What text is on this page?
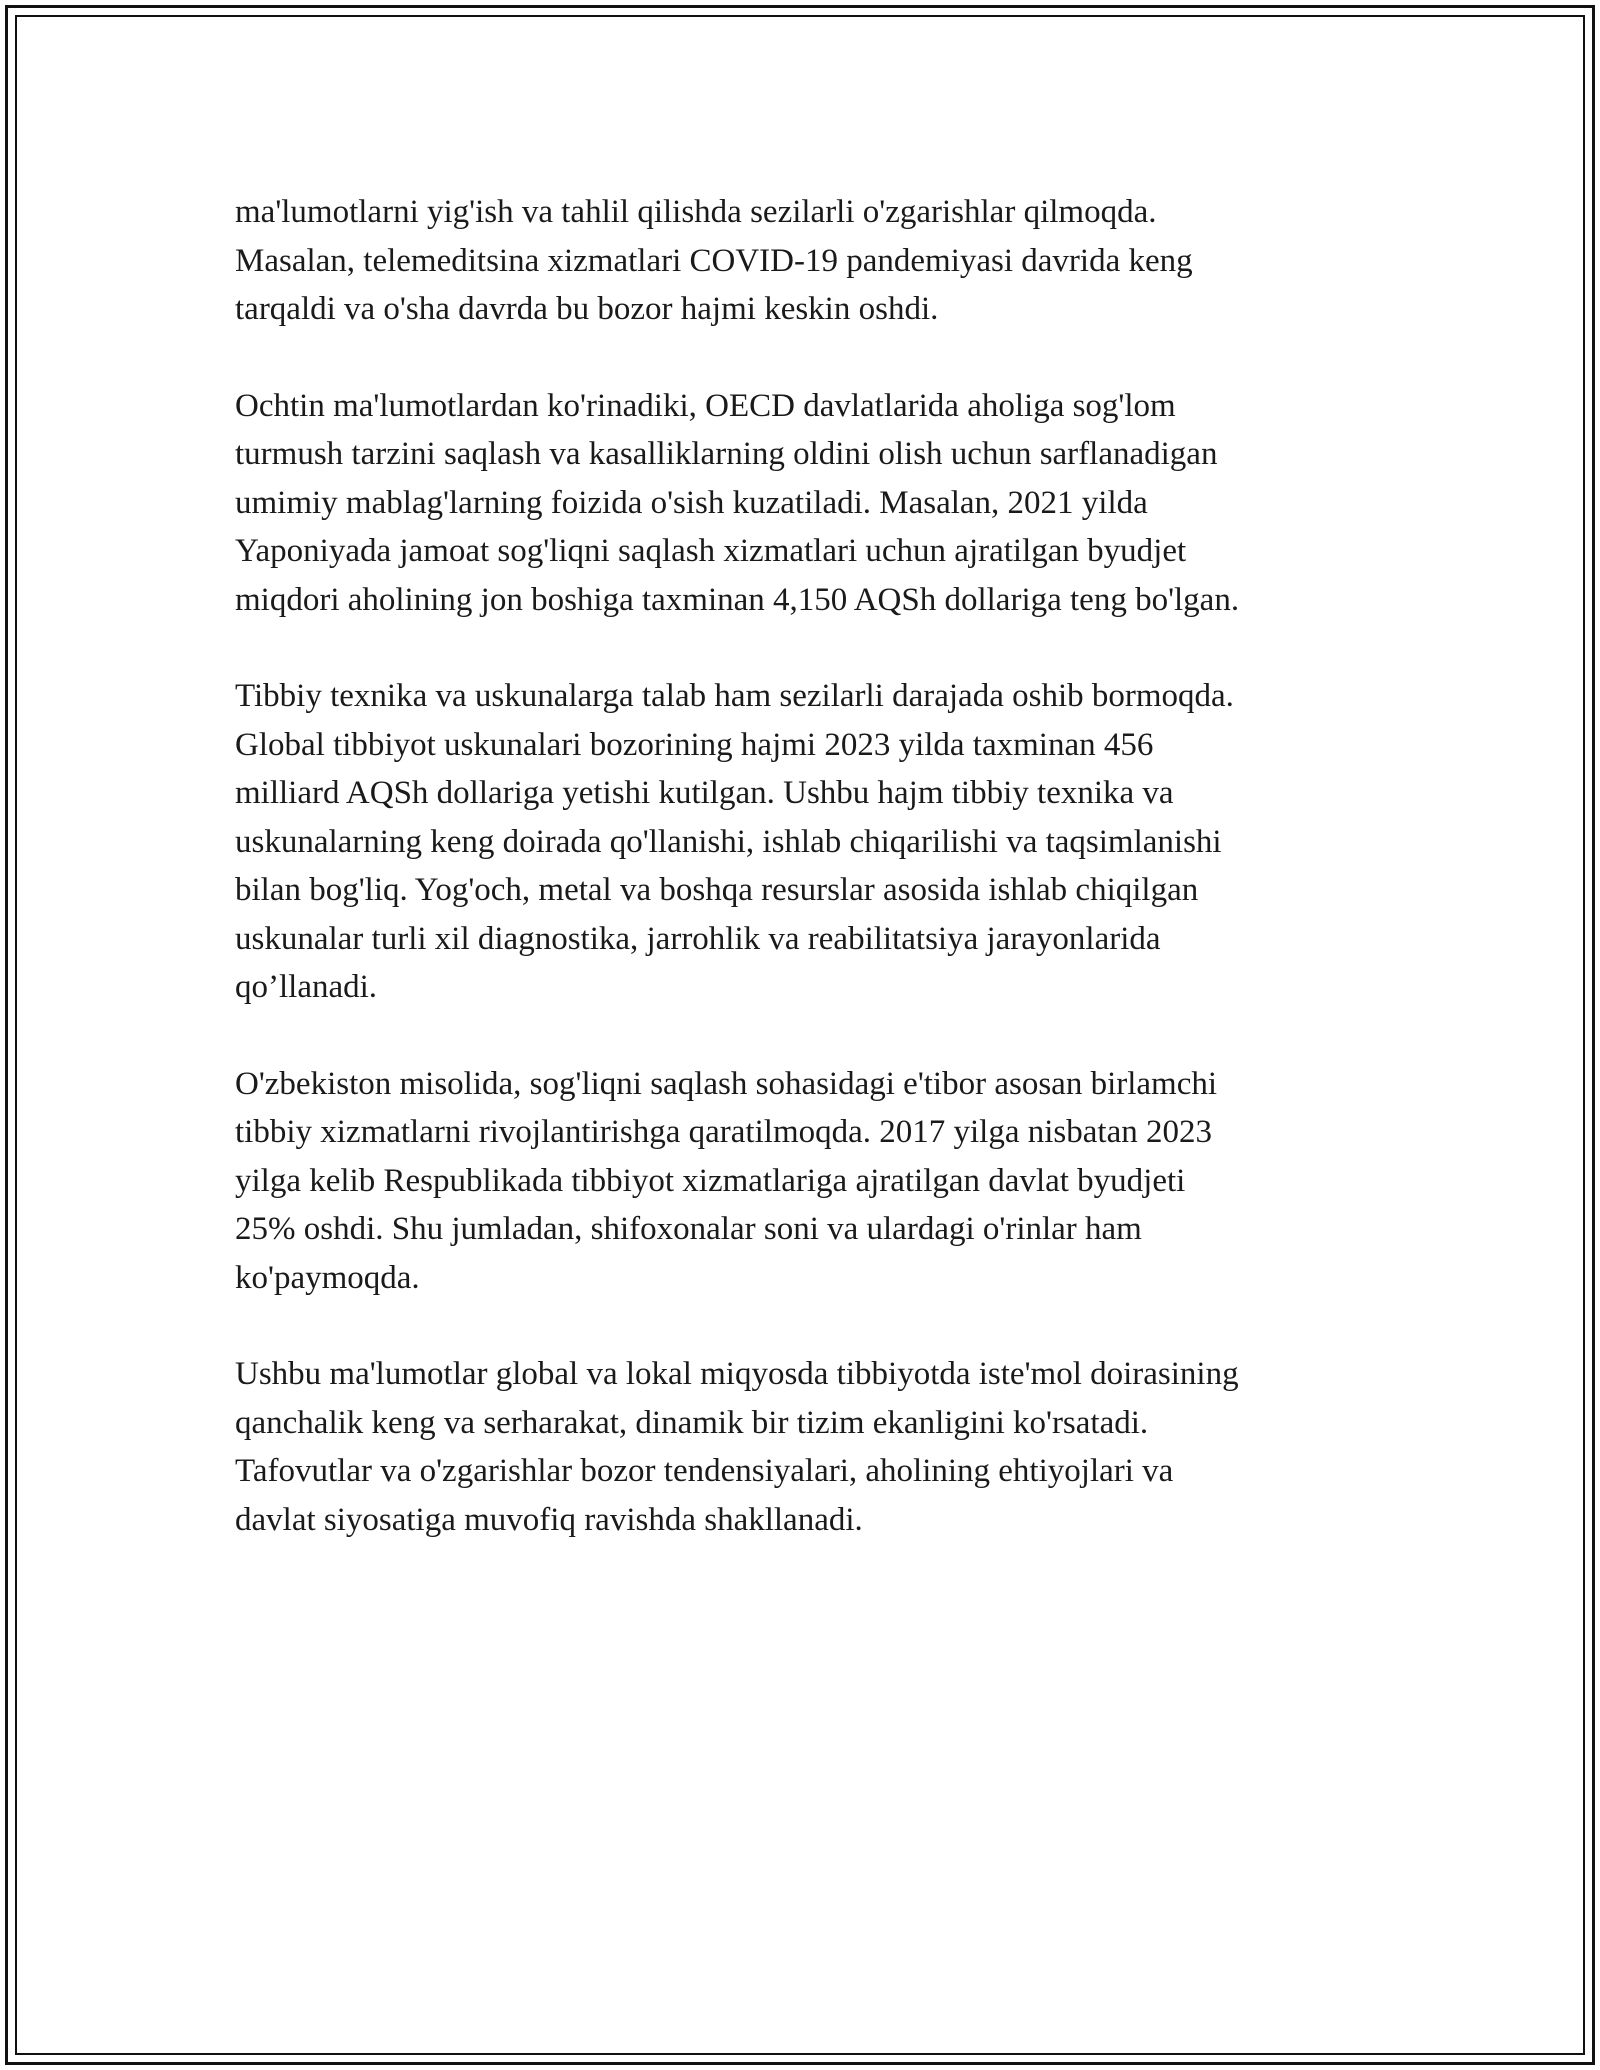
ma'lumotlarni yig'ish va tahlil qilishda sezilarli o'zgarishlar qilmoqda.
Masalan, telemeditsina xizmatlari COVID-19 pandemiyasi davrida keng
tarqaldi va o'sha davrda bu bozor hajmi keskin oshdi.

Ochtin ma'lumotlardan ko'rinadiki, OECD davlatlarida aholiga sog'lom
turmush tarzini saqlash va kasalliklarning oldini olish uchun sarflanadigan
umimiy mablag'larning foizida o'sish kuzatiladi. Masalan, 2021 yilda
Yaponiyada jamoat sog'liqni saqlash xizmatlari uchun ajratilgan byudjet
miqdori aholining jon boshiga taxminan 4,150 AQSh dollariga teng bo'lgan.

Tibbiy texnika va uskunalarga talab ham sezilarli darajada oshib bormoqda.
Global tibbiyot uskunalari bozorining hajmi 2023 yilda taxminan 456
milliard AQSh dollariga yetishi kutilgan. Ushbu hajm tibbiy texnika va
uskunalarning keng doirada qo'llanishi, ishlab chiqarilishi va taqsimlanishi
bilan bog'liq. Yog'och, metal va boshqa resurslar asosida ishlab chiqilgan
uskunalar turli xil diagnostika, jarrohlik va reabilitatsiya jarayonlarida
qo’llanadi.

O'zbekiston misolida, sog'liqni saqlash sohasidagi e'tibor asosan birlamchi
tibbiy xizmatlarni rivojlantirishga qaratilmoqda. 2017 yilga nisbatan 2023
yilga kelib Respublikada tibbiyot xizmatlariga ajratilgan davlat byudjeti
25% oshdi. Shu jumladan, shifoxonalar soni va ulardagi o'rinlar ham
ko'paymoqda.

Ushbu ma'lumotlar global va lokal miqyosda tibbiyotda iste'mol doirasining
qanchalik keng va serharakat, dinamik bir tizim ekanligini ko'rsatadi.
Tafovutlar va o'zgarishlar bozor tendensiyalari, aholining ehtiyojlari va
davlat siyosatiga muvofiq ravishda shakllanadi.
